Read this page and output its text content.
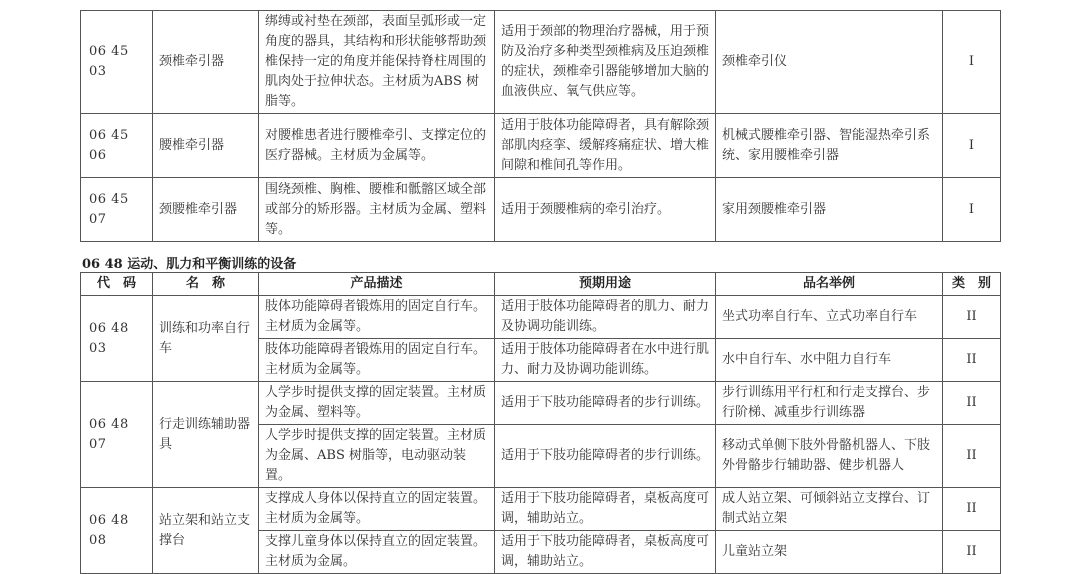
06 45 03	颈椎牵引器	绑缚或衬垫在颈部，表面呈弧形或一定角度的器具，其结构和形状能够帮助颈椎保持一定的角度并能保持脊柱周围的肌肉处于拉伸状态。主材质为ABS 树脂等。	适用于颈部的物理治疗器械，用于预防及治疗多种类型颈椎病及压迫颈椎的症状，颈椎牵引器能够增加大脑的血液供应、氧气供应等。	颈椎牵引仪	I
06 45 06	腰椎牵引器	对腰椎患者进行腰椎牵引、支撑定位的医疗器械。主材质为金属等。	适用于肢体功能障碍者，具有解除颈部肌肉痉挛、缓解疼痛症状、增大椎间隙和椎间孔等作用。	机械式腰椎牵引器、智能湿热牵引系统、家用腰椎牵引器	I
06 45 07	颈腰椎牵引器	围绕颈椎、胸椎、腰椎和骶髂区域全部或部分的矫形器。主材质为金属、塑料等。	适用于颈腰椎病的牵引治疗。	家用颈腰椎牵引器	I
06 48 运动、肌力和平衡训练的设备
代　码	名　称	产品描述	预期用途	品名举例	类　别
06 48 03	训练和功率自行车	肢体功能障碍者锻炼用的固定自行车。主材质为金属等。	适用于肢体功能障碍者的肌力、耐力及协调功能训练。	坐式功率自行车、立式功率自行车	II
		肢体功能障碍者锻炼用的固定自行车。主材质为金属等。	适用于肢体功能障碍者在水中进行肌力、耐力及协调功能训练。	水中自行车、水中阻力自行车	II
06 48 07	行走训练辅助器具	人学步时提供支撑的固定装置。主材质为金属、塑料等。	适用于下肢功能障碍者的步行训练。	步行训练用平行杠和行走支撑台、步行阶梯、减重步行训练器	II
		人学步时提供支撑的固定装置。主材质为金属、ABS 树脂等，电动驱动装置。	适用于下肢功能障碍者的步行训练。	移动式单侧下肢外骨骼机器人、下肢外骨骼步行辅助器、健步机器人	II
06 48 08	站立架和站立支撑台	支撑成人身体以保持直立的固定装置。主材质为金属等。	适用于下肢功能障碍者，桌板高度可调，辅助站立。	成人站立架、可倾斜站立支撑台、订制式站立架	II
		支撑儿童身体以保持直立的固定装置。主材质为金属。	适用于下肢功能障碍者，桌板高度可调，辅助站立。	儿童站立架	II
